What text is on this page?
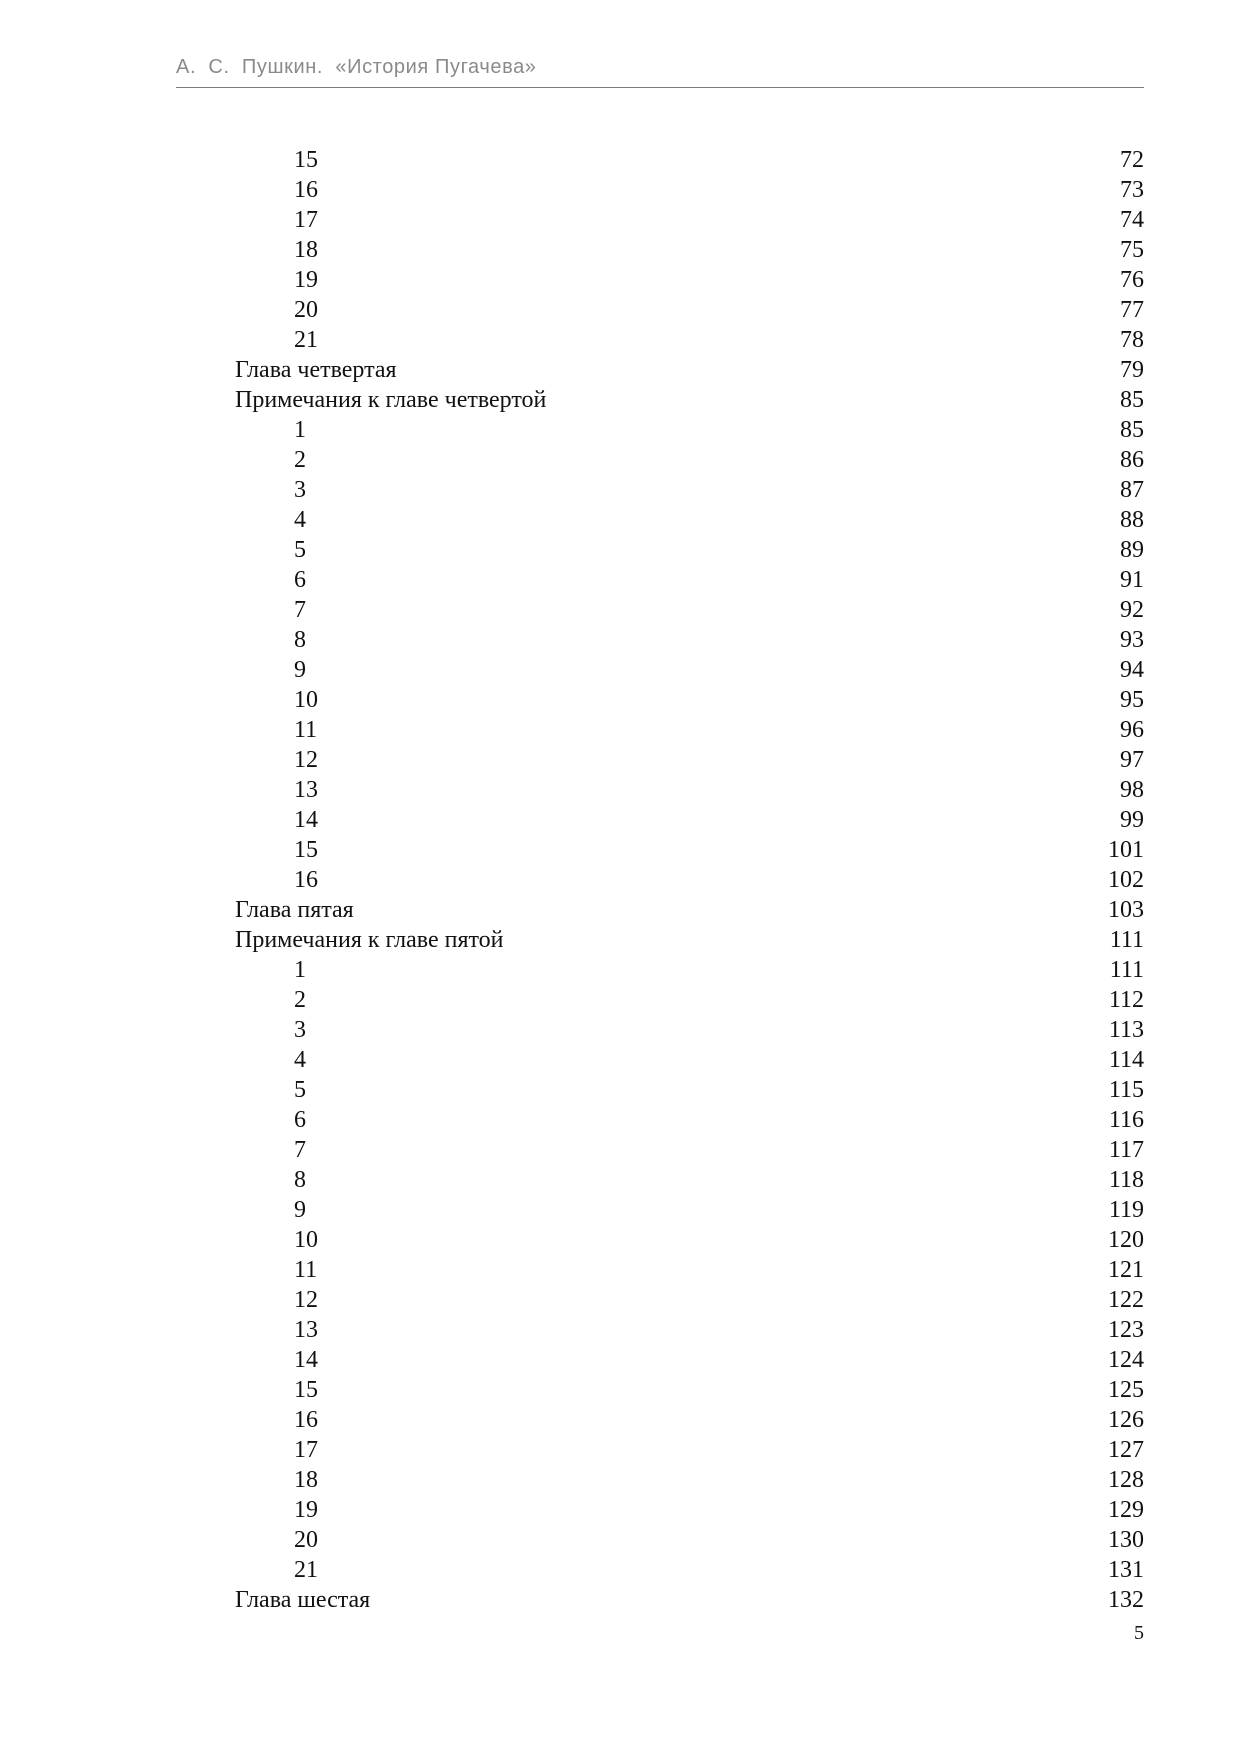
А.  С.  Пушкин.  «История Пугачева»
15	72
16	73
17	74
18	75
19	76
20	77
21	78
Глава четвертая	79
Примечания к главе четвертой	85
1	85
2	86
3	87
4	88
5	89
6	91
7	92
8	93
9	94
10	95
11	96
12	97
13	98
14	99
15	101
16	102
Глава пятая	103
Примечания к главе пятой	111
1	111
2	112
3	113
4	114
5	115
6	116
7	117
8	118
9	119
10	120
11	121
12	122
13	123
14	124
15	125
16	126
17	127
18	128
19	129
20	130
21	131
Глава шестая	132
5
